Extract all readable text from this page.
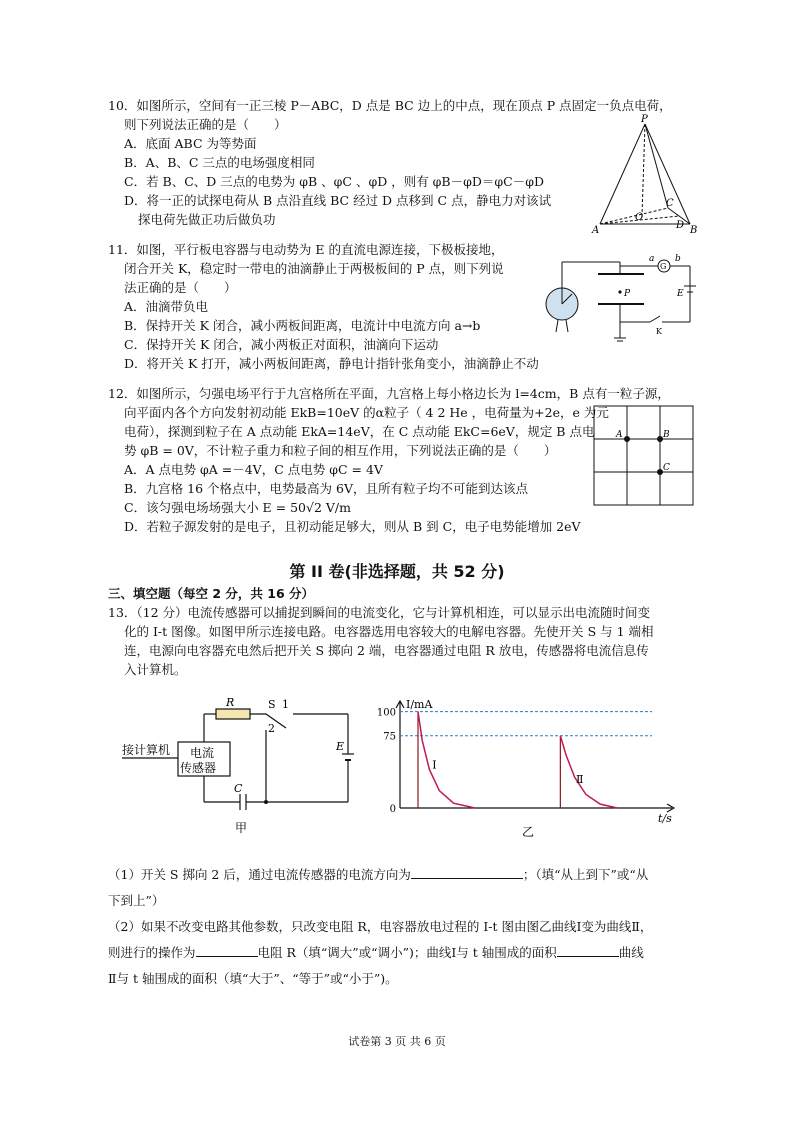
10．如图所示，空间有一正三棱 P－ABC，D 点是 BC 边上的中点，现在顶点 P 点固定一负点电荷，
则下列说法正确的是（　　）
A．底面 ABC 为等势面
B．A、B、C 三点的电场强度相同
C．若 B、C、D 三点的电势为 φB 、φC 、φD ，则有 φB－φD＝φC－φD
D．将一正的试探电荷从 B 点沿直线 BC 经过 D 点移到 C 点，静电力对该试
探电荷先做正功后做负功
P
A	B
C
D
O
11．如图，平行板电容器与电动势为 E 的直流电源连接，下极板接地，
闭合开关 K，稳定时一带电的油滴静止于两极板间的 P 点，则下列说
法正确的是（　　）
A．油滴带负电
B．保持开关 K 闭合，减小两板间距离，电流计中电流方向 a→b
C．保持开关 K 闭合，减小两板正对面积，油滴向下运动
D．将开关 K 打开，减小两板间距离，静电计指针张角变小，油滴静止不动
G
a b
E
P
K
12．如图所示，匀强电场平行于九宫格所在平面，九宫格上每小格边长为 l=4cm，B 点有一粒子源，
向平面内各个方向发射初动能 EkB=10eV 的α粒子（ 4 2 He ，电荷量为+2e，e 为元
电荷），探测到粒子在 A 点动能 EkA=14eV，在 C 点动能 EkC=6eV，规定 B 点电
势 φB = 0V，不计粒子重力和粒子间的相互作用，下列说法正确的是（　　）
A．A 点电势 φA =－4V，C 点电势 φC = 4V
B．九宫格 16 个格点中，电势最高为 6V，且所有粒子均不可能到达该点
C．该匀强电场场强大小 E = 50√2 V/m
D．若粒子源发射的是电子，且初动能足够大，则从 B 到 C，电子电势能增加 2eV
A	B
C
第 II 卷(非选择题，共 52 分)
三、填空题（每空 2 分，共 16 分）
13．（12 分）电流传感器可以捕捉到瞬间的电流变化，它与计算机相连，可以显示出电流随时间变
化的 I-t 图像。如图甲所示连接电路。电容器选用电容较大的电解电容器。先使开关 S 与 1 端相
连，电源向电容器充电然后把开关 S 掷向 2 端，电容器通过电阻 R 放电，传感器将电流信息传
入计算机。
R	S 1
2
E
C
接计算机 电流
传感器
甲
100
75
0
Ⅰ
Ⅱ
I/mA
t/s
乙
（1）开关 S 掷向 2 后，通过电流传感器的电流方向为	；（填“从上到下”或“从
下到上”）
（2）如果不改变电路其他参数，只改变电阻 R，电容器放电过程的 I-t 图由图乙曲线Ⅰ变为曲线Ⅱ，
则进行的操作为	电阻 R（填“调大”或“调小”)；曲线Ⅰ与 t 轴围成的面积	曲线
Ⅱ与 t 轴围成的面积（填“大于”、“等于”或“小于”)。
试卷第 3 页 共 6 页
